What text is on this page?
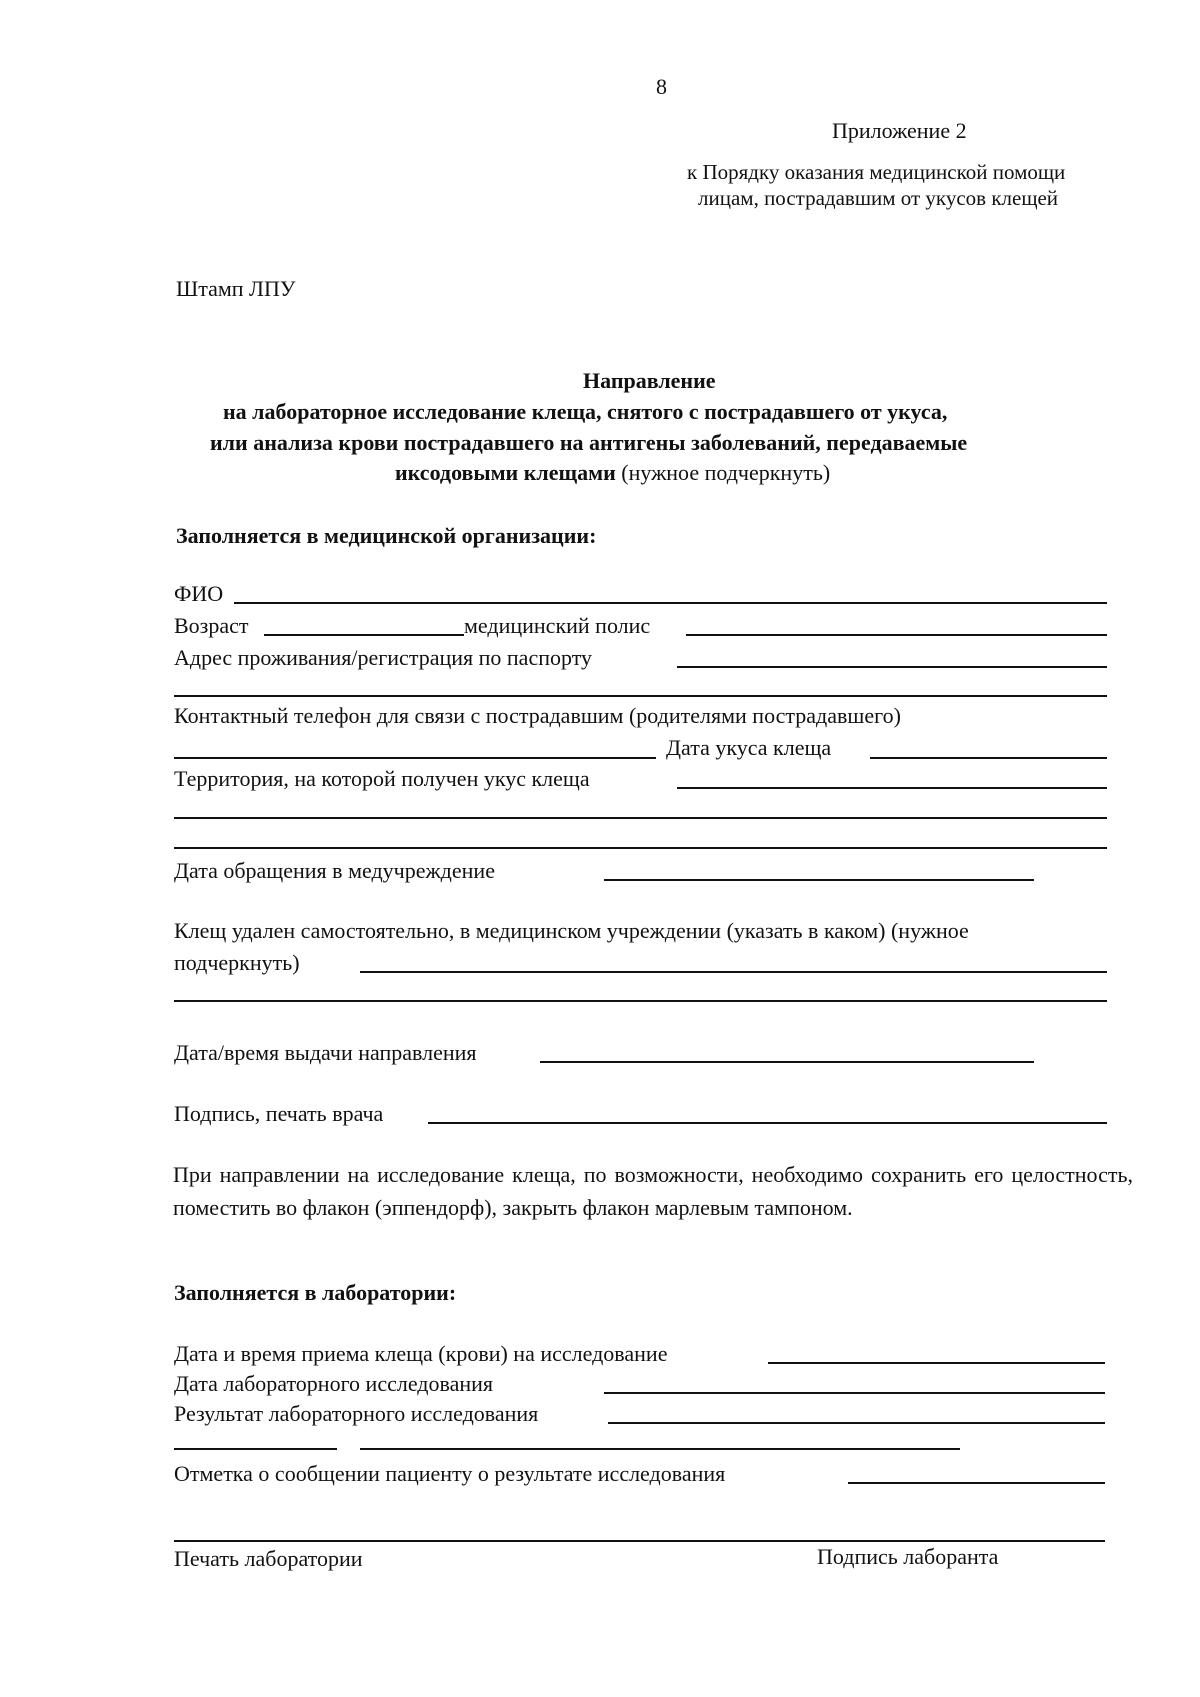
8
Приложение 2
к Порядку оказания медицинской помощи
лицам, пострадавшим от укусов клещей
Штамп ЛПУ
Направление
на лабораторное исследование клеща, снятого с пострадавшего от укуса,
или анализа крови пострадавшего на антигены заболеваний, передаваемые
иксодовыми клещами (нужное подчеркнуть)
Заполняется в медицинской организации:
ФИО
Возраст	медицинский полис
Адрес проживания/регистрация по паспорту
Контактный телефон для связи с пострадавшим (родителями пострадавшего)
Дата укуса клеща
Территория, на которой получен укус клеща
Дата обращения в медучреждение
Клещ удален самостоятельно, в медицинском учреждении (указать в каком) (нужное
подчеркнуть)
Дата/время выдачи направления
Подпись, печать врача
При направлении на исследование клеща, по возможности, необходимо сохранить его целостность, поместить во флакон (эппендорф), закрыть флакон марлевым тампоном.
Заполняется в лаборатории:
Дата и время приема клеща (крови) на исследование
Дата лабораторного исследования
Результат лабораторного исследования
Отметка о сообщении пациенту о результате исследования
Печать лаборатории	Подпись лаборанта
